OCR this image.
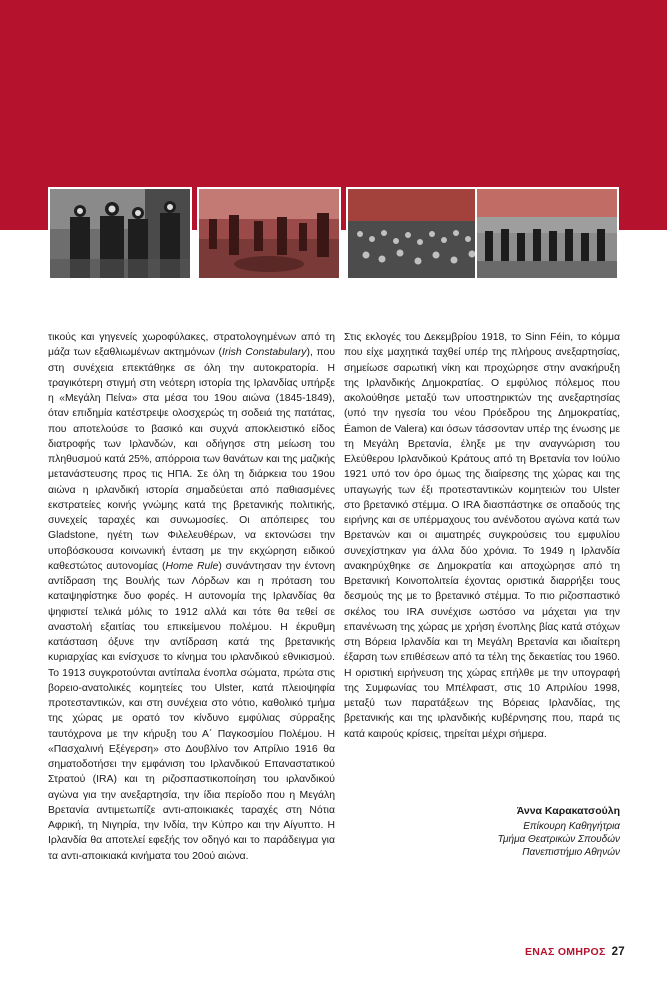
τικούς και γηγενείς χωροφύλακες, στρατολογημένων από τη μάζα των εξαθλιωμένων ακτημόνων (Irish Constabulary), που στη συνέχεια επεκτάθηκε σε όλη την αυτοκρατορία. Η τραγικότερη στιγμή στη νεότερη ιστορία της Ιρλανδίας υπήρξε η «Μεγάλη Πείνα» στα μέσα του 19ου αιώνα (1845-1849), όταν επιδημία κατέστρεψε ολοσχερώς τη σοδειά της πατάτας, που αποτελούσε το βασικό και συχνά αποκλειστικό είδος διατροφής των Ιρλανδών, και οδήγησε στη μείωση του πληθυσμού κατά 25%, απόρροια των θανάτων και της μαζικής μετανάστευσης προς τις ΗΠΑ. Σε όλη τη διάρκεια του 19ου αιώνα η ιρλανδική ιστορία σημαδεύεται από παθιασμένες εκστρατείες κοινής γνώμης κατά της βρετανικής πολιτικής, συνεχείς ταραχές και συνωμοσίες. Οι απόπειρες του Gladstone, ηγέτη των Φιλελευθέρων, να εκτονώσει την υποβόσκουσα κοινωνική ένταση με την εκχώρηση ειδικού καθεστώτος αυτονομίας (Home Rule) συνάντησαν την έντονη αντίδραση της Βουλής των Λόρδων και η πρόταση του καταψηφίστηκε δυο φορές. Η αυτονομία της Ιρλανδίας θα ψηφιστεί τελικά μόλις το 1912 αλλά και τότε θα τεθεί σε αναστολή εξαιτίας του επικείμενου πολέμου. Η έκρυθμη κατάσταση όξυνε την αντίδραση κατά της βρετανικής κυριαρχίας και ενίσχυσε το κίνημα του ιρλανδικού εθνικισμού. Το 1913 συγκροτούνται αντίπαλα ένοπλα σώματα, πρώτα στις βορειο-ανατολικές κομητείες του Ulster, κατά πλειοψηφία προτεσταντικών, και στη συνέχεια στο νότιο, καθολικό τμήμα της χώρας με ορατό τον κίνδυνο εμφύλιας σύρραξης ταυτόχρονα με την κήρυξη του Α΄ Παγκοσμίου Πολέμου. Η «Πασχαλινή Εξέγερση» στο Δουβλίνο τον Απρίλιο 1916 θα σηματοδοτήσει την εμφάνιση του Ιρλανδικού Επαναστατικού Στρατού (IRA) και τη ριζοσπαστικοποίηση του ιρλανδικού αγώνα για την ανεξαρτησία, την ίδια περίοδο που η Μεγάλη Βρετανία αντιμετωπίζε αντι-αποικιακές ταραχές στη Νότια Αφρική, τη Νιγηρία, την Ινδία, την Κύπρο και την Αίγυπτο. Η Ιρλανδία θα αποτελεί εφεξής τον οδηγό και το παράδειγμα για τα αντι-αποικιακά κινήματα του 20ού αιώνα.

Στις εκλογές του Δεκεμβρίου 1918, το Sinn Féin, το κόμμα που είχε μαχητικά ταχθεί υπέρ της πλήρους ανεξαρτησίας, σημείωσε σαρωτική νίκη και προχώρησε στην ανακήρυξη της Ιρλανδικής Δημοκρατίας. Ο εμφύλιος πόλεμος που ακολούθησε μεταξύ των υποστηρικτών της ανεξαρτησίας (υπό την ηγεσία του νέου Πρόεδρου της Δημοκρατίας, Éamon de Valera) και όσων τάσσονταν υπέρ της ένωσης με τη Μεγάλη Βρετανία, έληξε με την αναγνώριση του Ελεύθερου Ιρλανδικού Κράτους από τη Βρετανία τον Ιούλιο 1921 υπό τον όρο όμως της διαίρεσης της χώρας και της υπαγωγής των έξι προτεσταντικών κομητειών του Ulster στο βρετανικό στέμμα. Ο IRA διασπάστηκε σε οπαδούς της ειρήνης και σε υπέρμαχους του ανένδοτου αγώνα κατά των Βρετανών και οι αιματηρές συγκρούσεις του εμφυλίου συνεχίστηκαν για άλλα δύο χρόνια. Το 1949 η Ιρλανδία ανακηρύχθηκε σε Δημοκρατία και αποχώρησε από τη Βρετανική Κοινοπολιτεία έχοντας οριστικά διαρρήξει τους δεσμούς της με το βρετανικό στέμμα. Το πιο ριζοσπαστικό σκέλος του IRA συνέχισε ωστόσο να μάχεται για την επανένωση της χώρας με χρήση ένοπλης βίας κατά στόχων στη Βόρεια Ιρλανδία και τη Μεγάλη Βρετανία και ιδιαίτερη έξαρση των επιθέσεων από τα τέλη της δεκαετίας του 1960. Η οριστική ειρήνευση της χώρας επήλθε με την υπογραφή της Συμφωνίας του Μπέλφαστ, στις 10 Απριλίου 1998, μεταξύ των παρατάξεων της Βόρειας Ιρλανδίας, της βρετανικής και της ιρλανδικής κυβέρνησης που, παρά τις κατά καιρούς κρίσεις, τηρείται μέχρι σήμερα.

Άννα Καρακατσούλη
Επίκουρη Καθηγήτρια
Τμήμα Θεατρικών Σπουδών
Πανεπιστήμιο Αθηνών
ΕΝΑΣ ΟΜΗΡΟΣ 27
